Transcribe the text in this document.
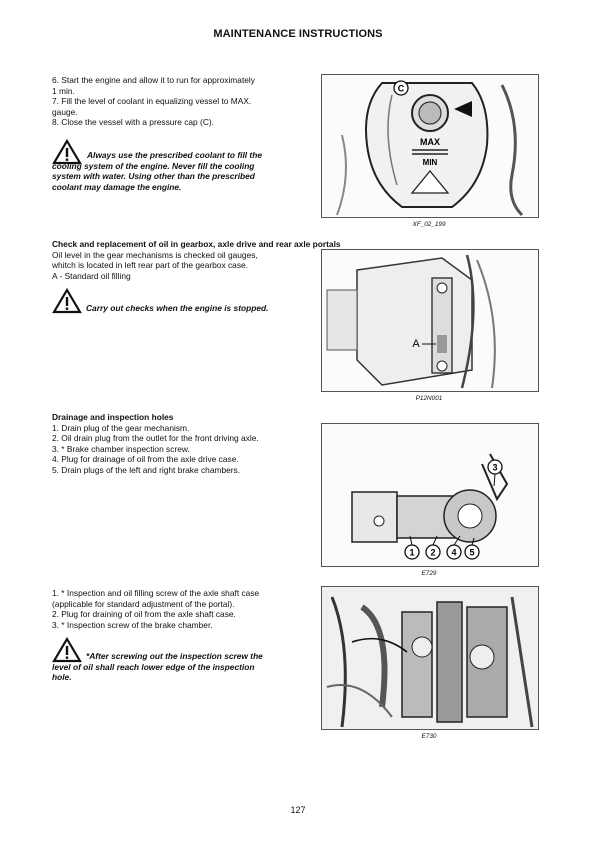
MAINTENANCE INSTRUCTIONS
6. Start the engine and allow it to run for approximately
1 min.
7. Fill the level of coolant in equalizing vessel to MAX.
gauge.
8. Close the vessel with a pressure cap (C).
Always use the prescribed coolant to fill the
cooling system of the engine. Never fill the cooling
system with water. Using other than the prescribed
coolant may damage the engine.
C
MAX
MIN
XF_02_199
Check and replacement of oil in gearbox, axle drive and rear axle portals
Oil level in the gear mechanisms is checked oil gauges,
whitch is located in left rear part of the gearbox case.
A - Standard oil filling
Carry out checks when the engine is stopped.
A
P12N001
Drainage and inspection holes
1. Drain plug of the gear mechanism.
2. Oil drain plug from the outlet for the front driving axle.
3. * Brake chamber inspection screw.
4. Plug for drainage of oil from the axle drive case.
5. Drain plugs of the left and right brake chambers.
1 2 4 5
3
E729
1. * Inspection and oil filling screw of the axle shaft case
(applicable for standard adjustment of the portal).
2. Plug for draining of oil from the axle shaft case.
3. * Inspection screw of the brake chamber.
*After screwing out the inspection screw the
level of oil shall reach lower edge of the inspection
hole.
E730
127
